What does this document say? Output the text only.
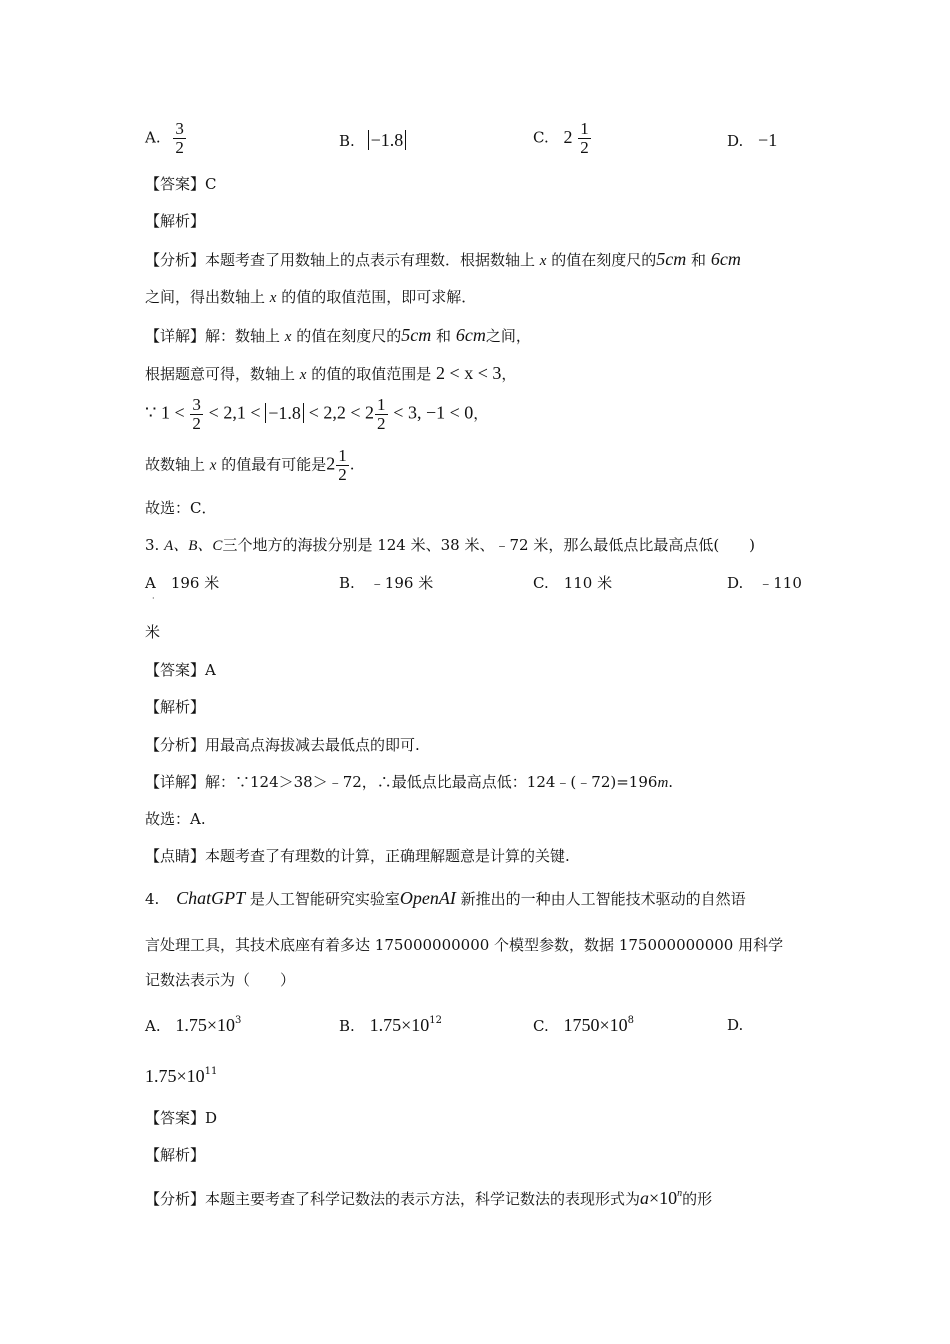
A. $\frac{3}{2}$	B. −1.8	C. $2 \frac{1}{2}$	D. −1
【答案】C
【解析】
【分析】本题考查了用数轴上的点表示有理数．根据数轴上 x 的值在刻度尺的5cm 和 6cm
之间，得出数轴上 x 的值的取值范围，即可求解．
【详解】解：数轴上 x 的值在刻度尺的5cm 和 6cm之间，
根据题意可得，数轴上 x 的值的取值范围是 2 < x < 3，
∵ $1 < \frac{3}{2} < 2,1 < -1.8 < 2,2 < 2 \frac{1}{2} < 3$, −1 < 0，
故数轴上 x 的值最有可能是$2 \frac{1}{2}$ .
故选：C．
3. A、B、C三个地方的海拔分别是 124 米、38 米、﹣72 米，那么最低点比最高点低(　　)
A　196 米
·
B.　﹣196 米	C.　110 米	D.　﹣110
米
【答案】A
【解析】
【分析】用最高点海拔减去最低点的即可.
【详解】解：∵124＞38＞﹣72，∴最低点比最高点低：124﹣(﹣72)=196m.
故选：A.
【点睛】本题考查了有理数的计算，正确理解题意是计算的关键.
4. ChatGPT 是人工智能研究实验室OpenAI 新推出的一种由人工智能技术驱动的自然语
言处理工具，其技术底座有着多达 175000000000 个模型参数，数据 175000000000 用科学
记数法表示为（　　）
A. $1.75\times 10^3$	B. $1.75\times 10^{12}$	C. $1750\times 10^8$	D.
$1.75\times 10^{11}$
【答案】D
【解析】
【分析】本题主要考查了科学记数法的表示方法，科学记数法的表现形式为$a\times 10^n$的形
